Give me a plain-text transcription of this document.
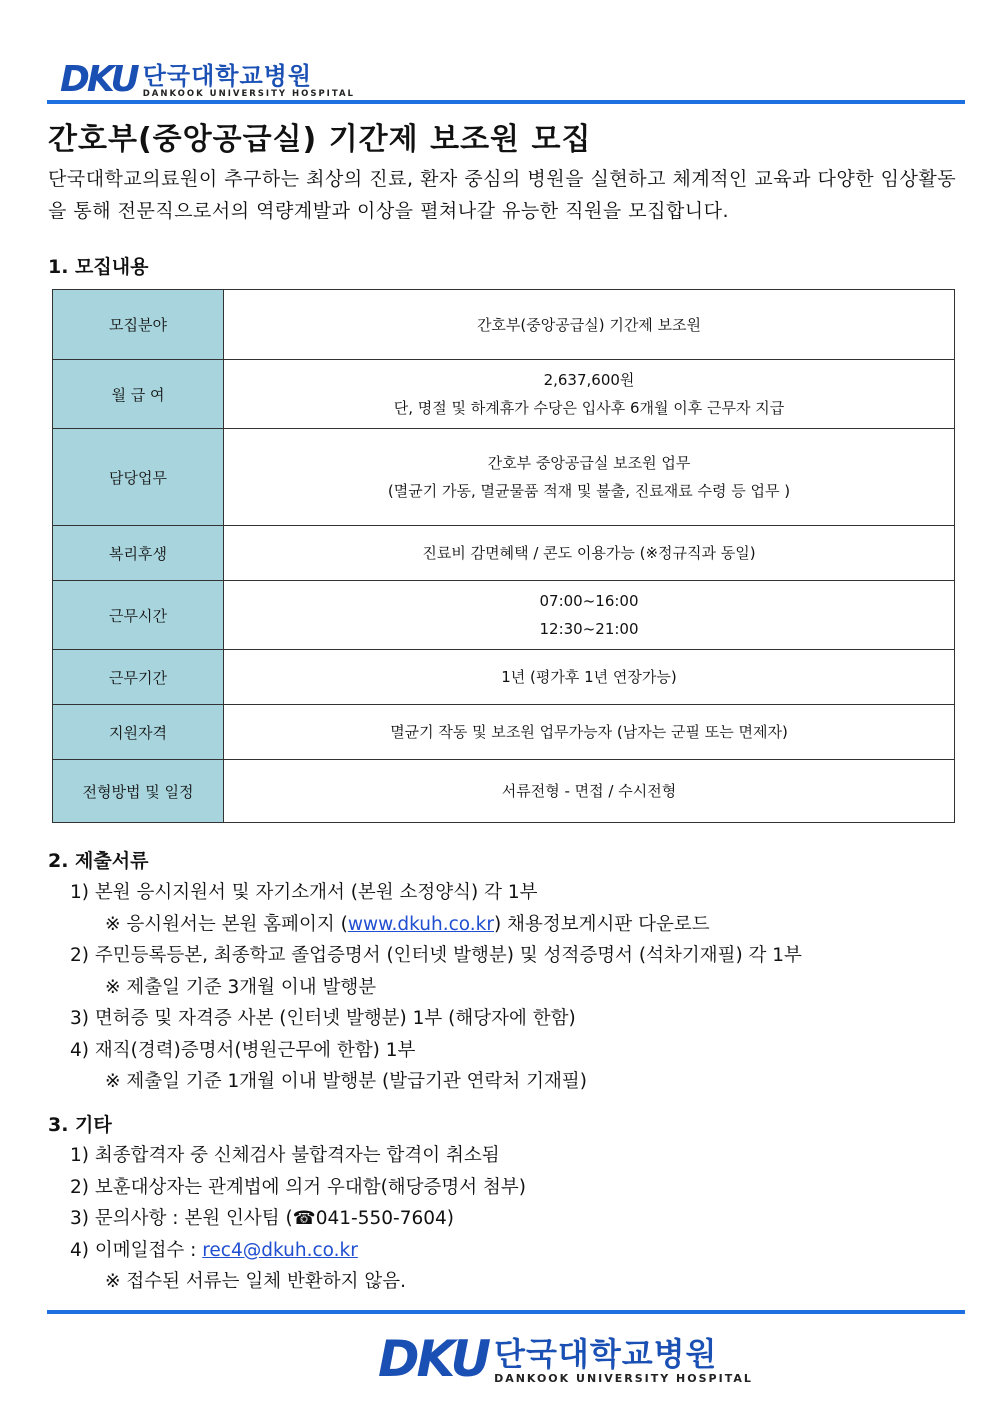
DKU 단국대학교병원
DANKOOK UNIVERSITY HOSPITAL
간호부(중앙공급실) 기간제 보조원 모집

단국대학교의료원이 추구하는 최상의 진료, 환자 중심의 병원을 실현하고 체계적인 교육과 다양한 임상활동을 통해 전문직으로서의 역량계발과 이상을 펼쳐나갈 유능한 직원을 모집합니다.

1. 모집내용
모집분야	간호부(중앙공급실) 기간제 보조원

월 급 여	2,637,600원
단, 명절 및 하계휴가 수당은 입사후 6개월 이후 근무자 지급

담당업무	간호부 중앙공급실 보조원 업무
(멸균기 가동, 멸균물품 적재 및 불출, 진료재료 수령 등 업무 )

복리후생	진료비 감면혜택 / 콘도 이용가능 (※정규직과 동일)

근무시간	07:00~16:00
12:30~21:00

근무기간	1년 (평가후 1년 연장가능)

지원자격	멸균기 작동 및 보조원 업무가능자 (남자는 군필 또는 면제자)

전형방법 및 일정	서류전형 - 면접 / 수시전형
2. 제출서류
1) 본원 응시지원서 및 자기소개서 (본원 소정양식) 각 1부
※ 응시원서는 본원 홈페이지 (www.dkuh.co.kr) 채용정보게시판 다운로드
2) 주민등록등본, 최종학교 졸업증명서 (인터넷 발행분) 및 성적증명서 (석차기재필) 각 1부
※ 제출일 기준 3개월 이내 발행분
3) 면허증 및 자격증 사본 (인터넷 발행분) 1부 (해당자에 한함)
4) 재직(경력)증명서(병원근무에 한함) 1부
※ 제출일 기준 1개월 이내 발행분 (발급기관 연락처 기재필)
3. 기타
1) 최종합격자 중 신체검사 불합격자는 합격이 취소됨
2) 보훈대상자는 관계법에 의거 우대함(해당증명서 첨부)
3) 문의사항 : 본원 인사팀 (☎041-550-7604)
4) 이메일접수 : rec4@dkuh.co.kr
※ 접수된 서류는 일체 반환하지 않음.
DKU 단국대학교병원
DANKOOK UNIVERSITY HOSPITAL
